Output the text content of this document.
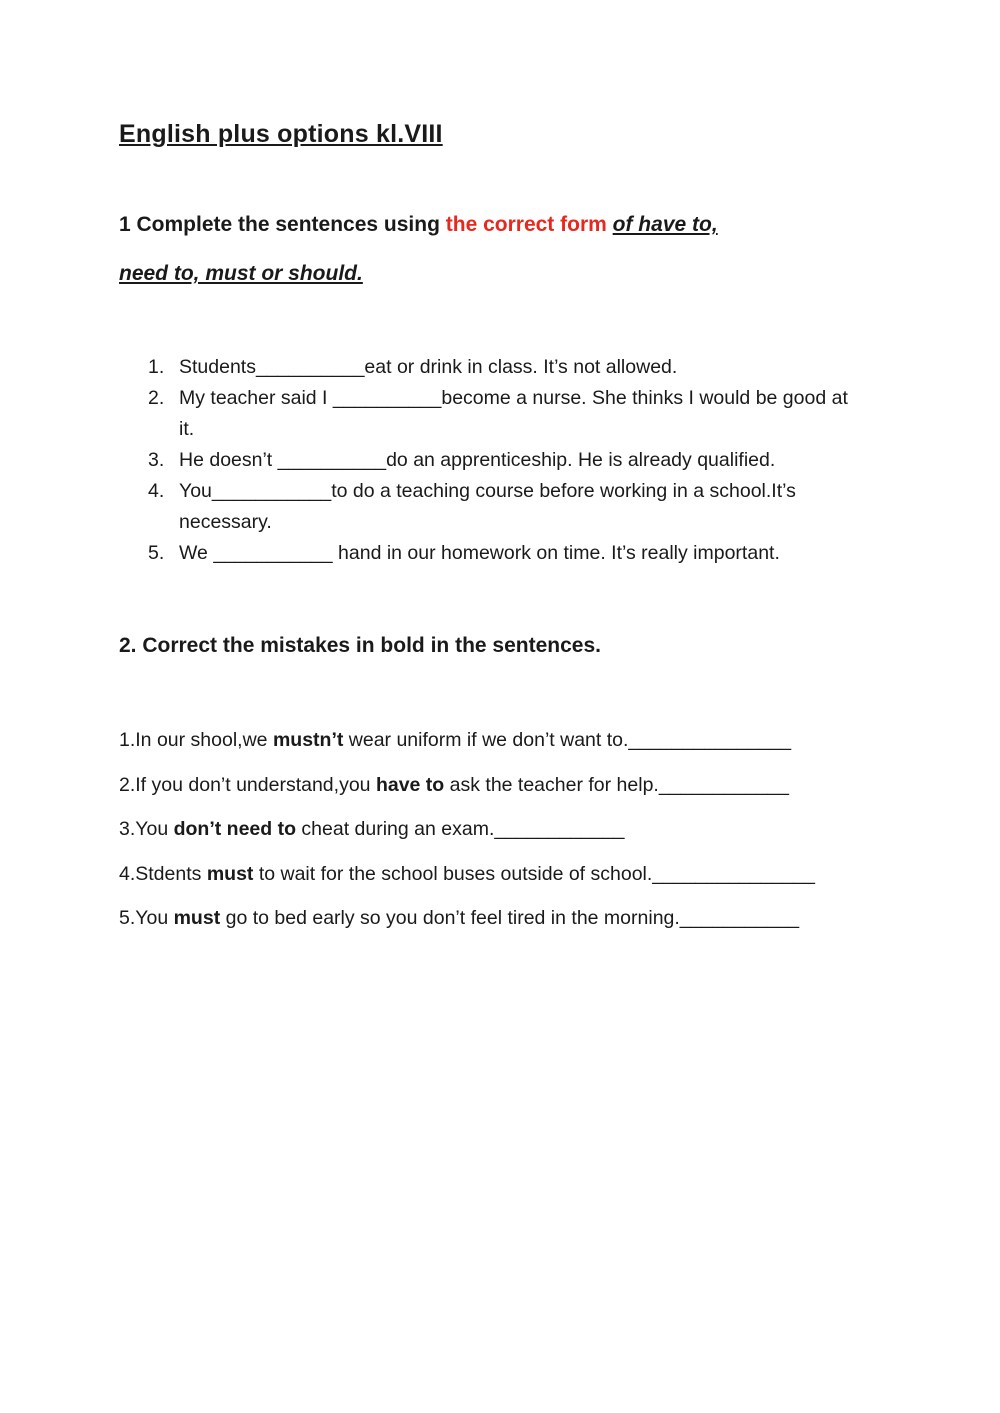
English plus options kl.VIII

1 Complete the sentences using the correct form of have to,

need to, must or should.

1. Students__________eat or drink in class. It’s not allowed.
2. My teacher said I __________become a nurse. She thinks I would be good at it.
3. He doesn’t __________do an apprenticeship. He is already qualified.
4. You___________to do a teaching course before working in a school.It’s necessary.
5. We ___________ hand in our homework on time. It’s really important.

2. Correct the mistakes in bold in the sentences.

1.In our shool,we mustn’t wear uniform if we don’t want to._______________
2.If you don’t understand,you have to ask the teacher for help.____________
3.You don’t need to cheat during an exam.____________
4.Stdents must to wait for the school buses outside of school._______________
5.You must go to bed early so you don’t feel tired in the morning.___________
